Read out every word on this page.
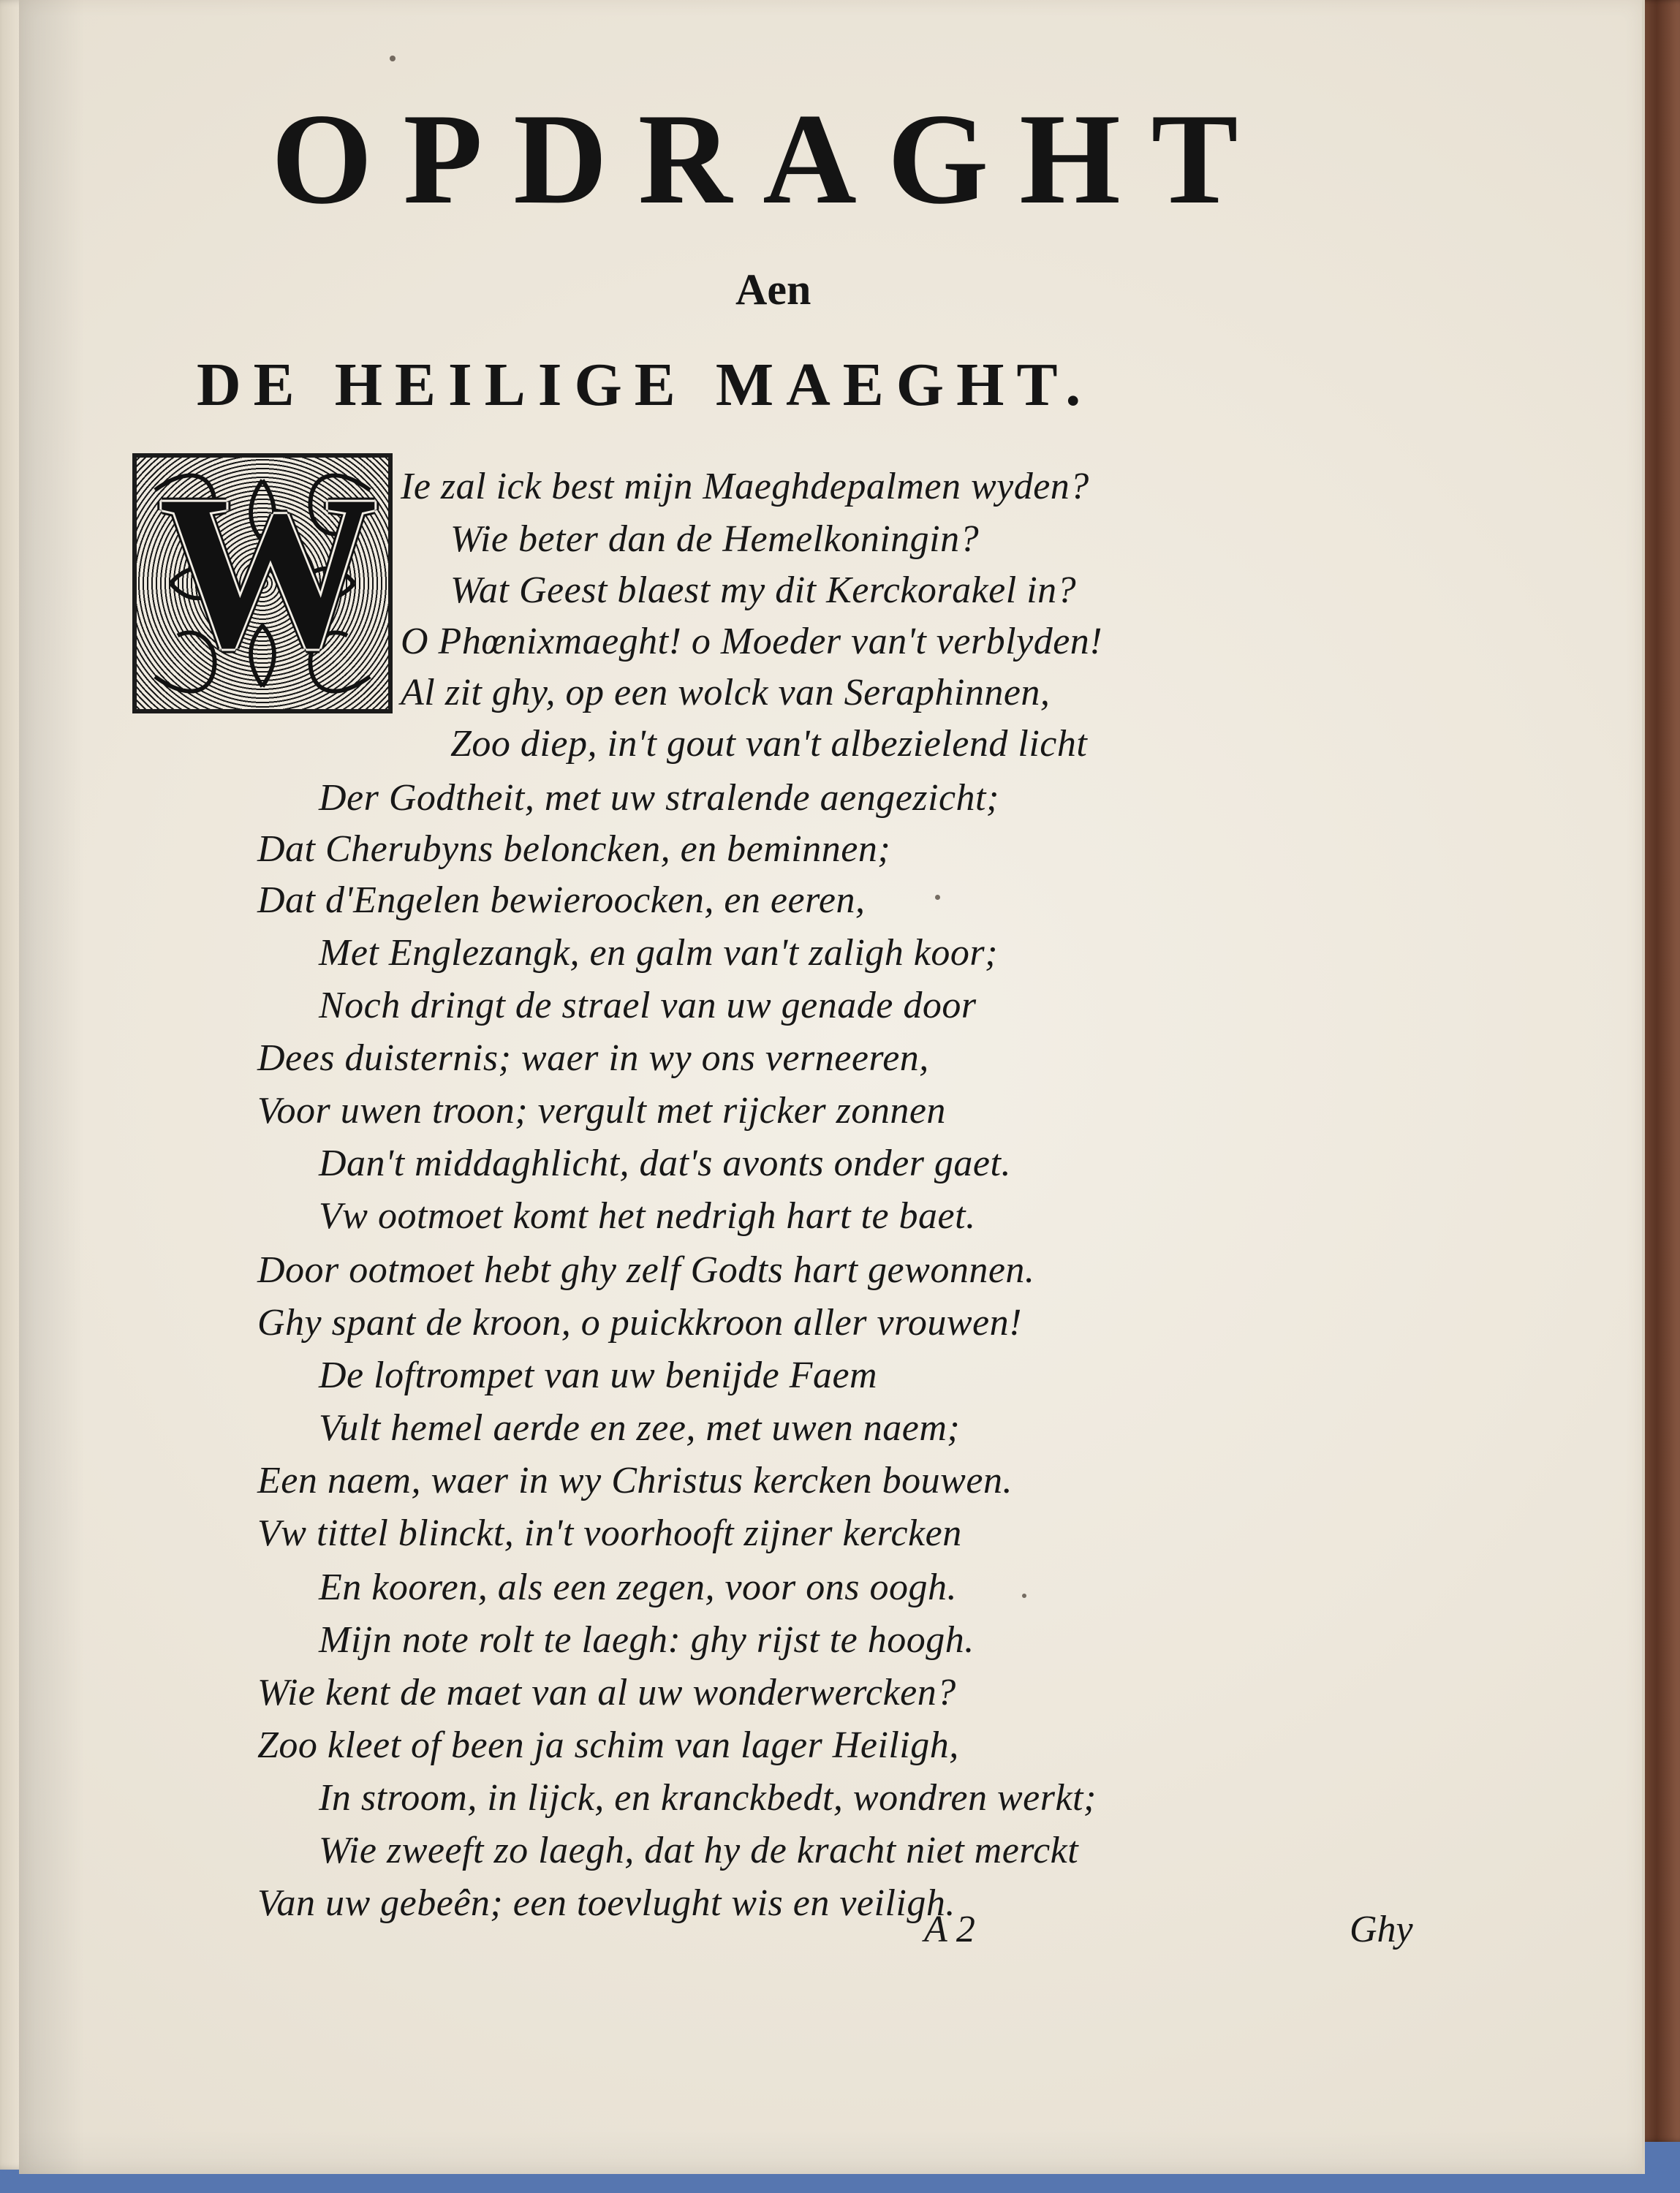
OPDRAGHT
Aen
DE HEILIGE MAEGHT.
W Ie zal ick best mijn Maeghdepalmen wyden?
Wie beter dan de Hemelkoningin?
Wat Geest blaest my dit Kerckorakel in?
O Phœnixmaeght! o Moeder van't verblyden!
Al zit ghy, op een wolck van Seraphinnen,
Zoo diep, in't gout van't albezielend licht
Der Godtheit, met uw stralende aengezicht;
Dat Cherubyns beloncken, en beminnen;
Dat d'Engelen bewieroocken, en eeren,
Met Englezangk, en galm van't zaligh koor;
Noch dringt de strael van uw genade door
Dees duisternis; waer in wy ons verneeren,
Voor uwen troon; vergult met rijcker zonnen
Dan't middaghlicht, dat's avonts onder gaet.
Vw ootmoet komt het nedrigh hart te baet.
Door ootmoet hebt ghy zelf Godts hart gewonnen.
Ghy spant de kroon, o puickkroon aller vrouwen!
De loftrompet van uw benijde Faem
Vult hemel aerde en zee, met uwen naem;
Een naem, waer in wy Christus kercken bouwen.
Vw tittel blinckt, in't voorhooft zijner kercken
En kooren, als een zegen, voor ons oogh.
Mijn note rolt te laegh: ghy rijst te hoogh.
Wie kent de maet van al uw wonderwercken?
Zoo kleet of been ja schim van lager Heiligh,
In stroom, in lijck, en kranckbedt, wondren werkt;
Wie zweeft zo laegh, dat hy de kracht niet merckt
Van uw gebeên; een toevlught wis en veiligh.
A 2	Ghy
